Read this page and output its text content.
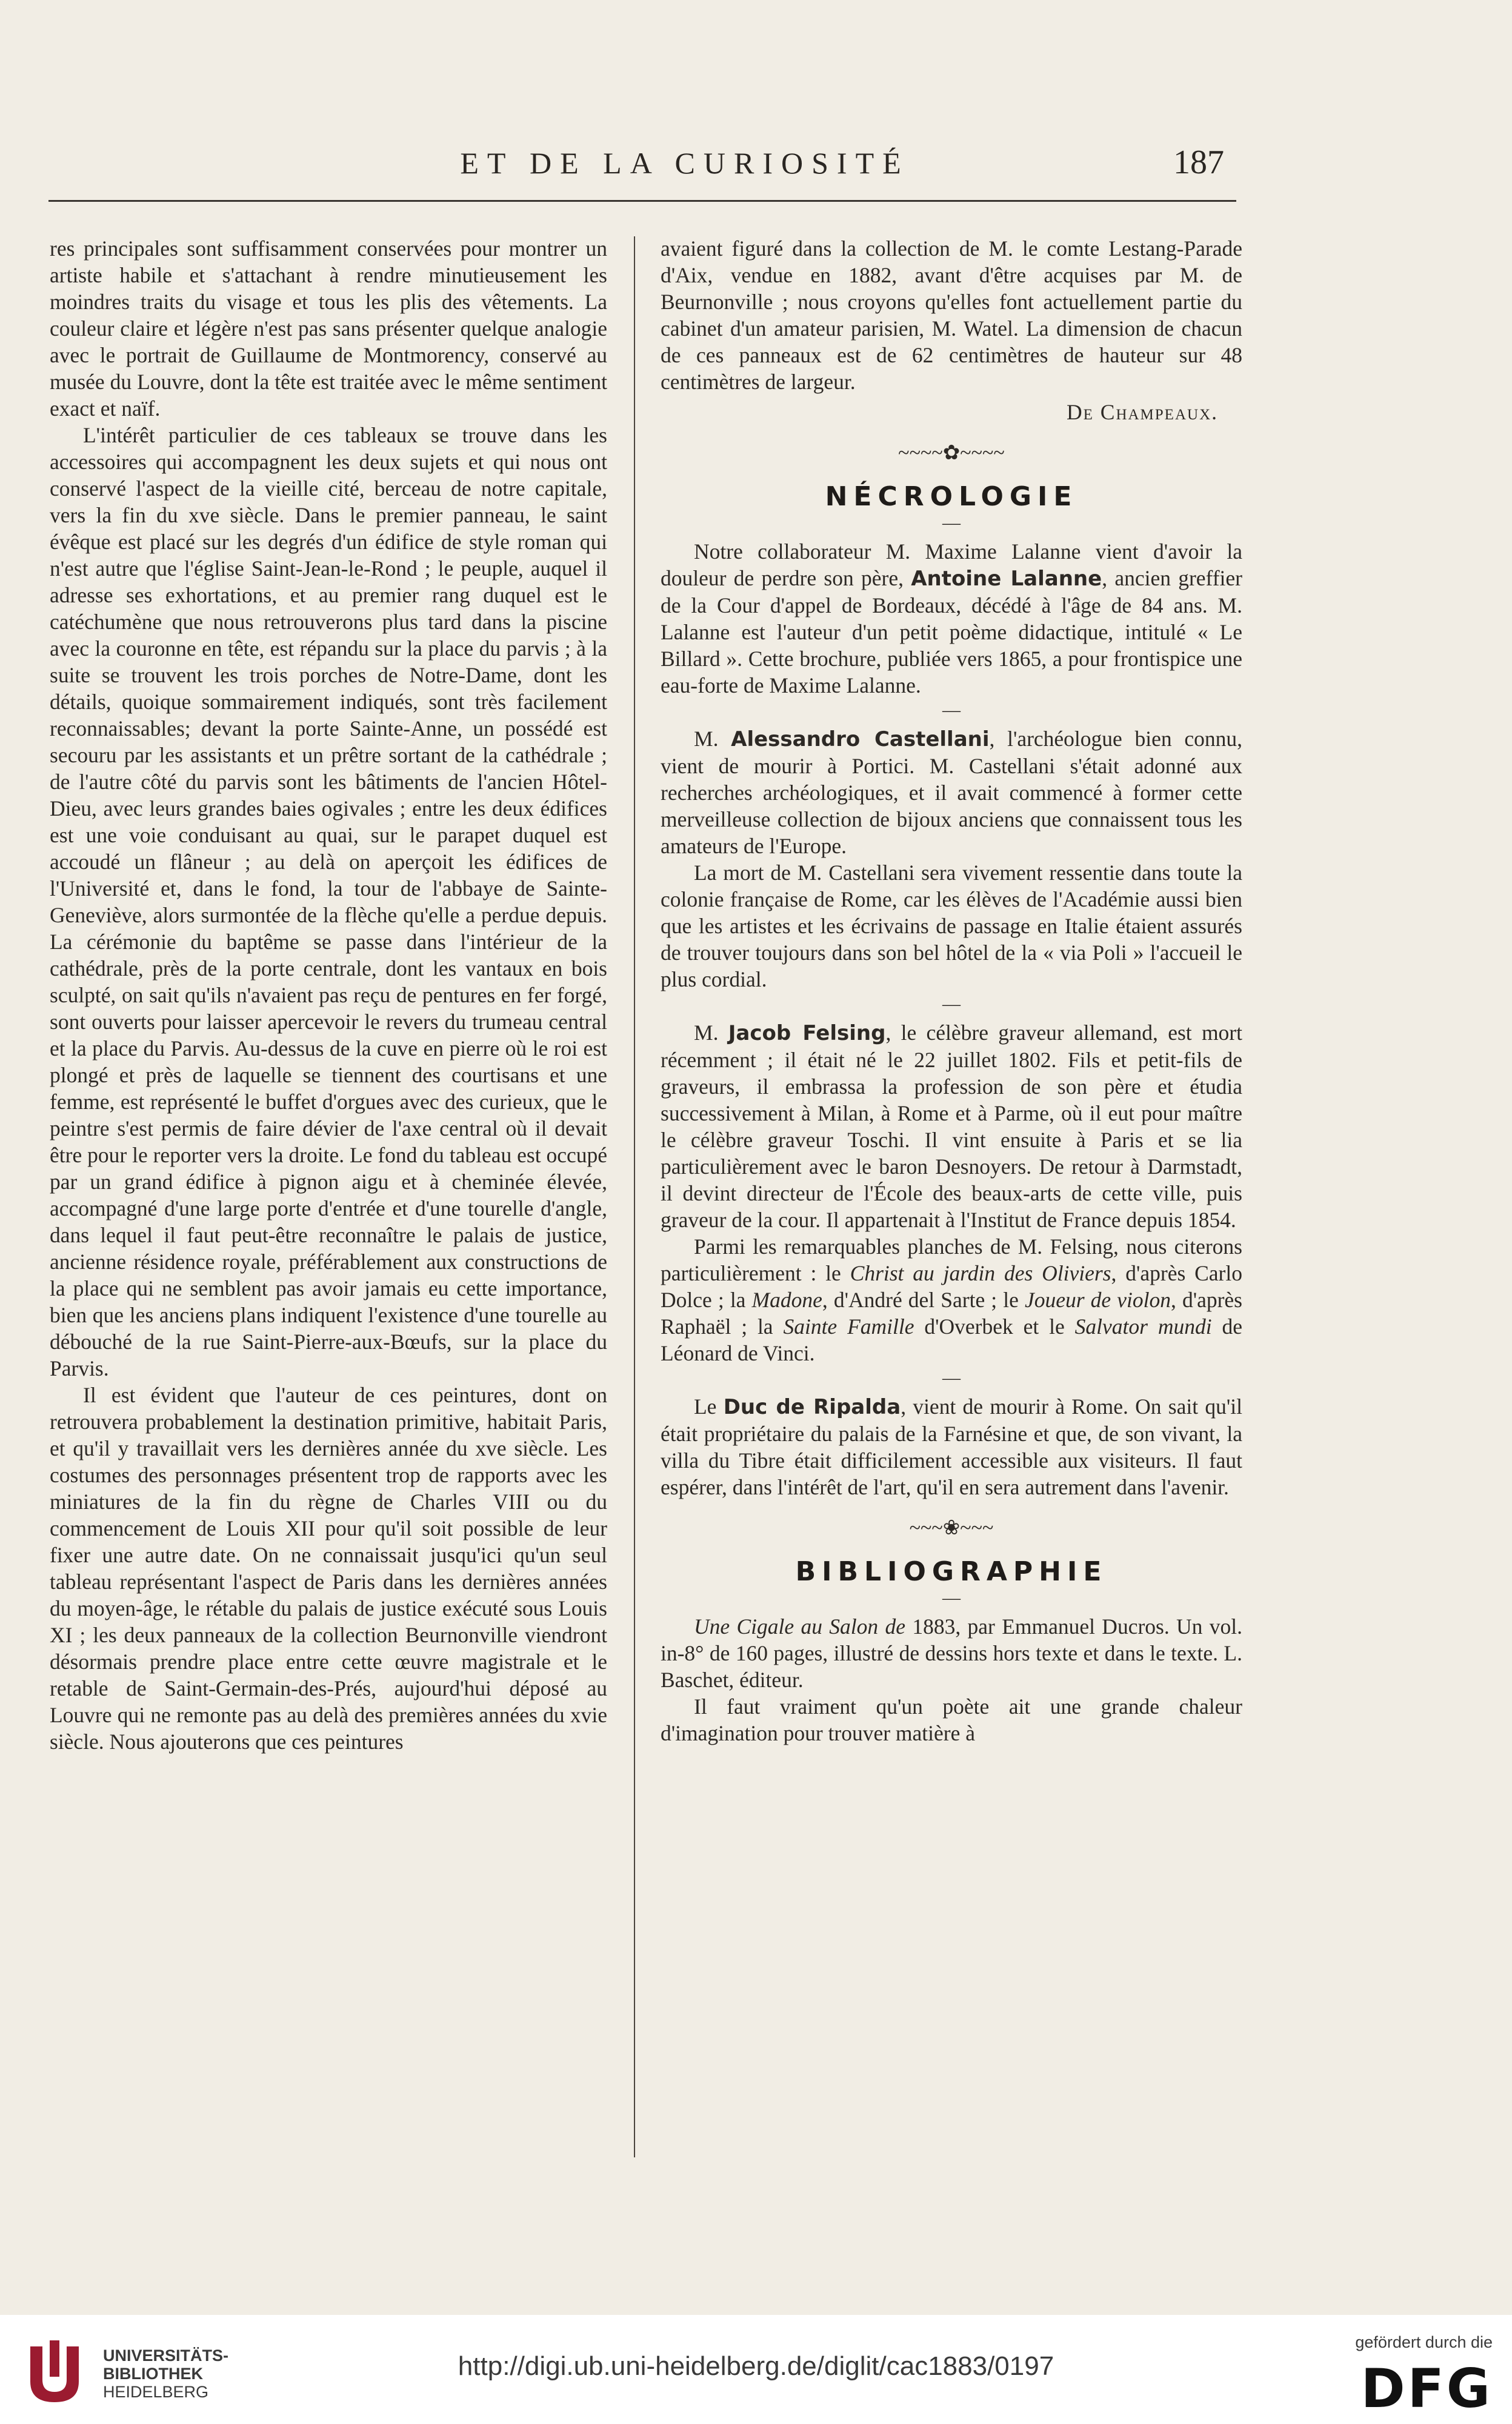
ET DE LA CURIOSITÉ	187

res principales sont suffisamment conservées pour montrer un artiste habile et s'attachant à rendre minutieusement les moindres traits du visage et tous les plis des vêtements. La couleur claire et légère n'est pas sans présenter quelque analogie avec le portrait de Guillaume de Montmorency, conservé au musée du Louvre, dont la tête est traitée avec le même sentiment exact et naïf.

L'intérêt particulier de ces tableaux se trouve dans les accessoires qui accompagnent les deux sujets et qui nous ont conservé l'aspect de la vieille cité, berceau de notre capitale, vers la fin du xve siècle. Dans le premier panneau, le saint évêque est placé sur les degrés d'un édifice de style roman qui n'est autre que l'église Saint-Jean-le-Rond ; le peuple, auquel il adresse ses exhortations, et au premier rang duquel est le catéchumène que nous retrouverons plus tard dans la piscine avec la couronne en tête, est répandu sur la place du parvis ; à la suite se trouvent les trois porches de Notre-Dame, dont les détails, quoique sommairement indiqués, sont très facilement reconnaissables; devant la porte Sainte-Anne, un possédé est secouru par les assistants et un prêtre sortant de la cathédrale ; de l'autre côté du parvis sont les bâtiments de l'ancien Hôtel-Dieu, avec leurs grandes baies ogivales ; entre les deux édifices est une voie conduisant au quai, sur le parapet duquel est accoudé un flâneur ; au delà on aperçoit les édifices de l'Université et, dans le fond, la tour de l'abbaye de Sainte-Geneviève, alors surmontée de la flèche qu'elle a perdue depuis. La cérémonie du baptême se passe dans l'intérieur de la cathédrale, près de la porte centrale, dont les vantaux en bois sculpté, on sait qu'ils n'avaient pas reçu de pentures en fer forgé, sont ouverts pour laisser apercevoir le revers du trumeau central et la place du Parvis. Au-dessus de la cuve en pierre où le roi est plongé et près de laquelle se tiennent des courtisans et une femme, est représenté le buffet d'orgues avec des curieux, que le peintre s'est permis de faire dévier de l'axe central où il devait être pour le reporter vers la droite. Le fond du tableau est occupé par un grand édifice à pignon aigu et à cheminée élevée, accompagné d'une large porte d'entrée et d'une tourelle d'angle, dans lequel il faut peut-être reconnaître le palais de justice, ancienne résidence royale, préférablement aux constructions de la place qui ne semblent pas avoir jamais eu cette importance, bien que les anciens plans indiquent l'existence d'une tourelle au débouché de la rue Saint-Pierre-aux-Bœufs, sur la place du Parvis.

Il est évident que l'auteur de ces peintures, dont on retrouvera probablement la destination primitive, habitait Paris, et qu'il y travaillait vers les dernières année du xve siècle. Les costumes des personnages présentent trop de rapports avec les miniatures de la fin du règne de Charles VIII ou du commencement de Louis XII pour qu'il soit possible de leur fixer une autre date. On ne connaissait jusqu'ici qu'un seul tableau représentant l'aspect de Paris dans les dernières années du moyen-âge, le rétable du palais de justice exécuté sous Louis XI ; les deux panneaux de la collection Beurnonville viendront désormais prendre place entre cette œuvre magistrale et le retable de Saint-Germain-des-Prés, aujourd'hui déposé au Louvre qui ne remonte pas au delà des premières années du xvie siècle. Nous ajouterons que ces peintures

avaient figuré dans la collection de M. le comte Lestang-Parade d'Aix, vendue en 1882, avant d'être acquises par M. de Beurnonville ; nous croyons qu'elles font actuellement partie du cabinet d'un amateur parisien, M. Watel. La dimension de chacun de ces panneaux est de 62 centimètres de hauteur sur 48 centimètres de largeur.

De Champeaux.
~~~~✿~~~~
NÉCROLOGIE
—

Notre collaborateur M. Maxime Lalanne vient d'avoir la douleur de perdre son père, Antoine Lalanne, ancien greffier de la Cour d'appel de Bordeaux, décédé à l'âge de 84 ans. M. Lalanne est l'auteur d'un petit poème didactique, intitulé « Le Billard ». Cette brochure, publiée vers 1865, a pour frontispice une eau-forte de Maxime Lalanne.

—

M. Alessandro Castellani, l'archéologue bien connu, vient de mourir à Portici. M. Castellani s'était adonné aux recherches archéologiques, et il avait commencé à former cette merveilleuse collection de bijoux anciens que connaissent tous les amateurs de l'Europe.

La mort de M. Castellani sera vivement ressentie dans toute la colonie française de Rome, car les élèves de l'Académie aussi bien que les artistes et les écrivains de passage en Italie étaient assurés de trouver toujours dans son bel hôtel de la « via Poli » l'accueil le plus cordial.

—

M. Jacob Felsing, le célèbre graveur allemand, est mort récemment ; il était né le 22 juillet 1802. Fils et petit-fils de graveurs, il embrassa la profession de son père et étudia successivement à Milan, à Rome et à Parme, où il eut pour maître le célèbre graveur Toschi. Il vint ensuite à Paris et se lia particulièrement avec le baron Desnoyers. De retour à Darmstadt, il devint directeur de l'École des beaux-arts de cette ville, puis graveur de la cour. Il appartenait à l'Institut de France depuis 1854.

Parmi les remarquables planches de M. Felsing, nous citerons particulièrement : le Christ au jardin des Oliviers, d'après Carlo Dolce ; la Madone, d'André del Sarte ; le Joueur de violon, d'après Raphaël ; la Sainte Famille d'Overbek et le Salvator mundi de Léonard de Vinci.

—

Le Duc de Ripalda, vient de mourir à Rome. On sait qu'il était propriétaire du palais de la Farnésine et que, de son vivant, la villa du Tibre était difficilement accessible aux visiteurs. Il faut espérer, dans l'intérêt de l'art, qu'il en sera autrement dans l'avenir.

~~~❀~~~
BIBLIOGRAPHIE
—

Une Cigale au Salon de 1883, par Emmanuel Ducros. Un vol. in-8° de 160 pages, illustré de dessins hors texte et dans le texte. L. Baschet, éditeur.

Il faut vraiment qu'un poète ait une grande chaleur d'imagination pour trouver matière à

UNIVERSITÄTS-
BIBLIOTHEK
HEIDELBERG
http://digi.ub.uni-heidelberg.de/diglit/cac1883/0197
gefördert durch die
DFG
